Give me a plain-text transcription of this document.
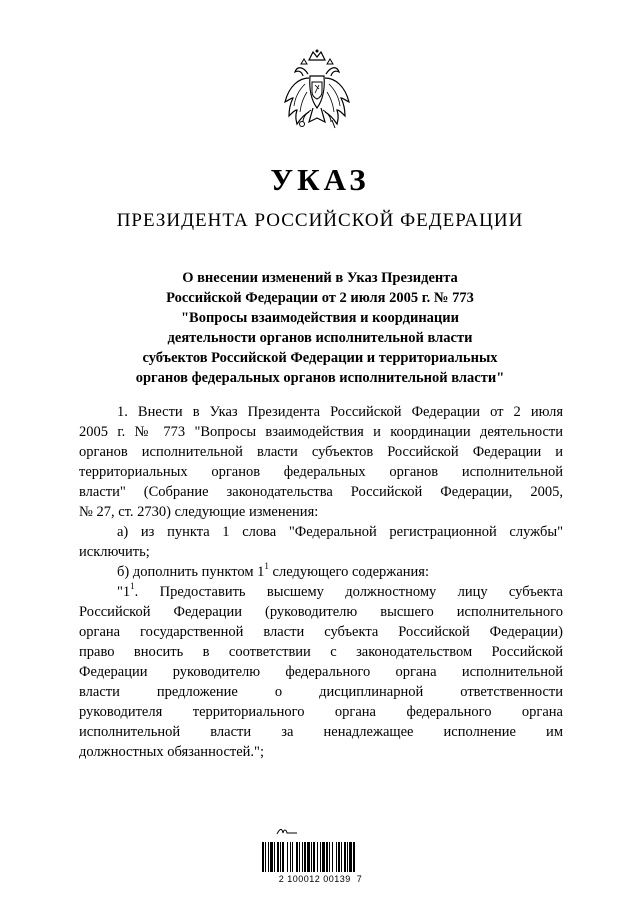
УКАЗ
ПРЕЗИДЕНТА РОССИЙСКОЙ ФЕДЕРАЦИИ
О внесении изменений в Указ Президента
Российской Федерации от 2 июля 2005 г. № 773
"Вопросы взаимодействия и координации
деятельности органов исполнительной власти
субъектов Российской Федерации и территориальных
органов федеральных органов исполнительной власти"
1. Внести в Указ Президента Российской Федерации от 2 июля
2005 г. № 773 "Вопросы взаимодействия и координации деятельности
органов исполнительной власти субъектов Российской Федерации и
территориальных органов федеральных органов исполнительной
власти" (Собрание законодательства Российской Федерации, 2005,
№ 27, ст. 2730) следующие изменения:
а) из пункта 1 слова "Федеральной регистрационной службы"
исключить;
б) дополнить пунктом $1^1$ следующего содержания:
"$1^1$. Предоставить высшему должностному лицу субъекта
Российской Федерации (руководителю высшего исполнительного
органа государственной власти субъекта Российской Федерации)
право вносить в соответствии с законодательством Российской
Федерации руководителю федерального органа исполнительной
власти предложение о дисциплинарной ответственности
руководителя территориального органа федерального органа
исполнительной власти за ненадлежащее исполнение им
должностных обязанностей.";
2 100012 00139  7
